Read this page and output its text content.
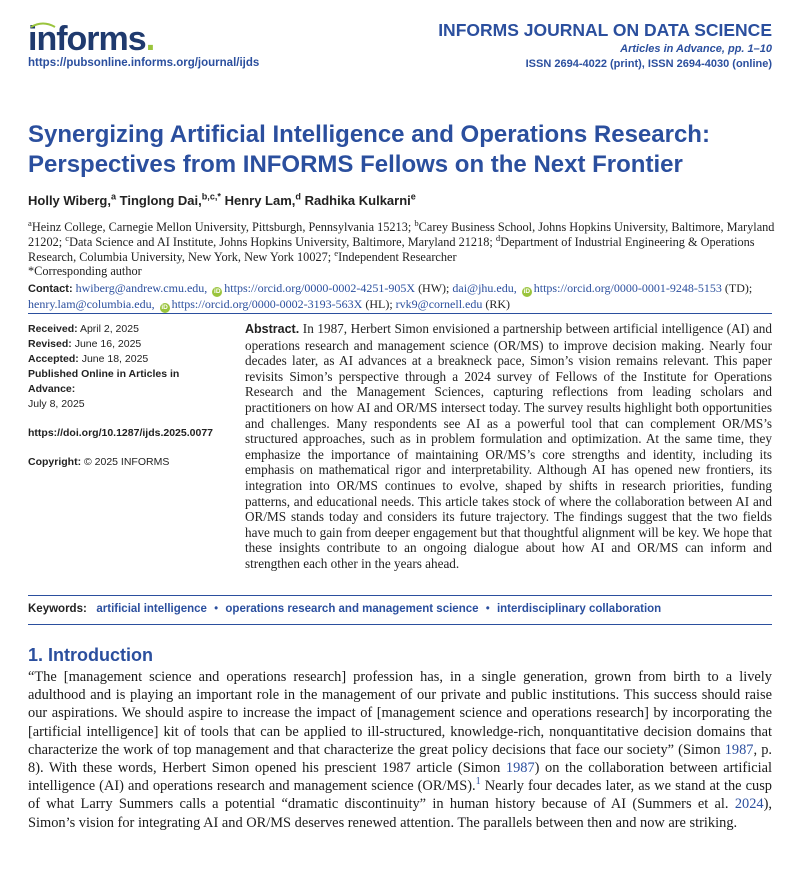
informs.
https://pubsonline.informs.org/journal/ijds
INFORMS JOURNAL ON DATA SCIENCE
Articles in Advance, pp. 1–10
ISSN 2694-4022 (print), ISSN 2694-4030 (online)
Synergizing Artificial Intelligence and Operations Research:
Perspectives from INFORMS Fellows on the Next Frontier
Holly Wiberg,$^a$ Tinglong Dai,$^{b,c,*}$ Henry Lam,$^d$ Radhika Kulkarni$^e$
$^a$Heinz College, Carnegie Mellon University, Pittsburgh, Pennsylvania 15213; $^b$Carey Business School, Johns Hopkins University, Baltimore, Maryland 21202; $^c$Data Science and AI Institute, Johns Hopkins University, Baltimore, Maryland 21218; $^d$Department of Industrial Engineering & Operations Research, Columbia University, New York, New York 10027; $^e$Independent Researcher
*Corresponding author
Contact: hwiberg@andrew.cmu.edu, iD https://orcid.org/0000-0002-4251-905X (HW); dai@jhu.edu, iD https://orcid.org/0000-0001-9248-5153 (TD); henry.lam@columbia.edu, iD https://orcid.org/0000-0002-3193-563X (HL); rvk9@cornell.edu (RK)
Received: April 2, 2025
Revised: June 16, 2025
Accepted: June 18, 2025
Published Online in Articles in Advance:
July 8, 2025
https://doi.org/10.1287/ijds.2025.0077
Copyright: © 2025 INFORMS
Abstract. In 1987, Herbert Simon envisioned a partnership between artificial intelligence (AI) and operations research and management science (OR/MS) to improve decision making. Nearly four decades later, as AI advances at a breakneck pace, Simon’s vision remains relevant. This paper revisits Simon’s perspective through a 2024 survey of Fellows of the Institute for Operations Research and the Management Sciences, capturing reflections from leading scholars and practitioners on how AI and OR/MS intersect today. The survey results highlight both opportunities and challenges. Many respondents see AI as a powerful tool that can complement OR/MS’s structured approaches, such as in problem formulation and optimization. At the same time, they emphasize the importance of maintaining OR/MS’s core strengths and identity, including its emphasis on mathematical rigor and interpretability. Although AI has opened new frontiers, its integration into OR/MS continues to evolve, shaped by shifts in research priorities, funding patterns, and educational needs. This article takes stock of where the collaboration between AI and OR/MS stands today and considers its future trajectory. The findings suggest that the two fields have much to gain from deeper engagement but that thoughtful alignment will be key. We hope that these insights contribute to an ongoing dialogue about how AI and OR/MS can inform and strengthen each other in the years ahead.
Keywords: artificial intelligence • operations research and management science • interdisciplinary collaboration
1. Introduction
“The [management science and operations research] profession has, in a single generation, grown from birth to a lively adulthood and is playing an important role in the management of our private and public institutions. This success should raise our aspirations. We should aspire to increase the impact of [management science and operations research] by incorporating the [artificial intelligence] kit of tools that can be applied to ill-structured, knowledge-rich, nonquantitative decision domains that characterize the work of top management and that characterize the great policy decisions that face our society” (Simon 1987, p. 8). With these words, Herbert Simon opened his prescient 1987 article (Simon 1987) on the collaboration between artificial intelligence (AI) and operations research and management science (OR/MS).$^1$ Nearly four decades later, as we stand at the cusp of what Larry Summers calls a potential “dramatic discontinuity” in human history because of AI (Summers et al. 2024), Simon’s vision for integrating AI and OR/MS deserves renewed attention. The parallels between then and now are striking.
